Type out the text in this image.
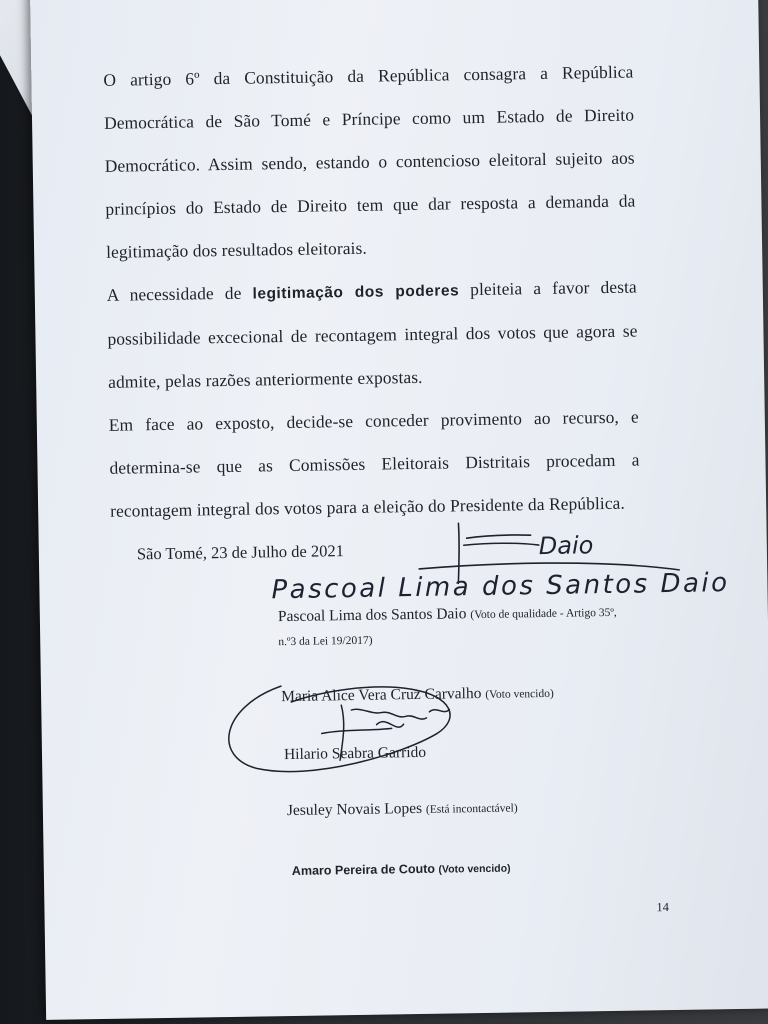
O artigo 6º da Constituição da República consagra a República Democrática de São Tomé e Príncipe como um Estado de Direito Democrático. Assim sendo, estando o contencioso eleitoral sujeito aos princípios do Estado de Direito tem que dar resposta a demanda da legitimação dos resultados eleitorais.

A necessidade de legitimação dos poderes pleiteia a favor desta possibilidade excecional de recontagem integral dos votos que agora se admite, pelas razões anteriormente expostas.

Em face ao exposto, decide-se conceder provimento ao recurso, e determina-se que as Comissões Eleitorais Distritais procedam a recontagem integral dos votos para a eleição do Presidente da República.

São Tomé, 23 de Julho de 2021
Pascoal Lima dos Santos Daio (Voto de qualidade - Artigo 35º,
n.º3 da Lei 19/2017)
Maria Alice Vera Cruz Carvalho (Voto vencido)
Hilario Seabra Garrido
Jesuley Novais Lopes (Está incontactável)
Amaro Pereira de Couto (Voto vencido)
14
Daio
Pascoal Lima dos Santos Daio
